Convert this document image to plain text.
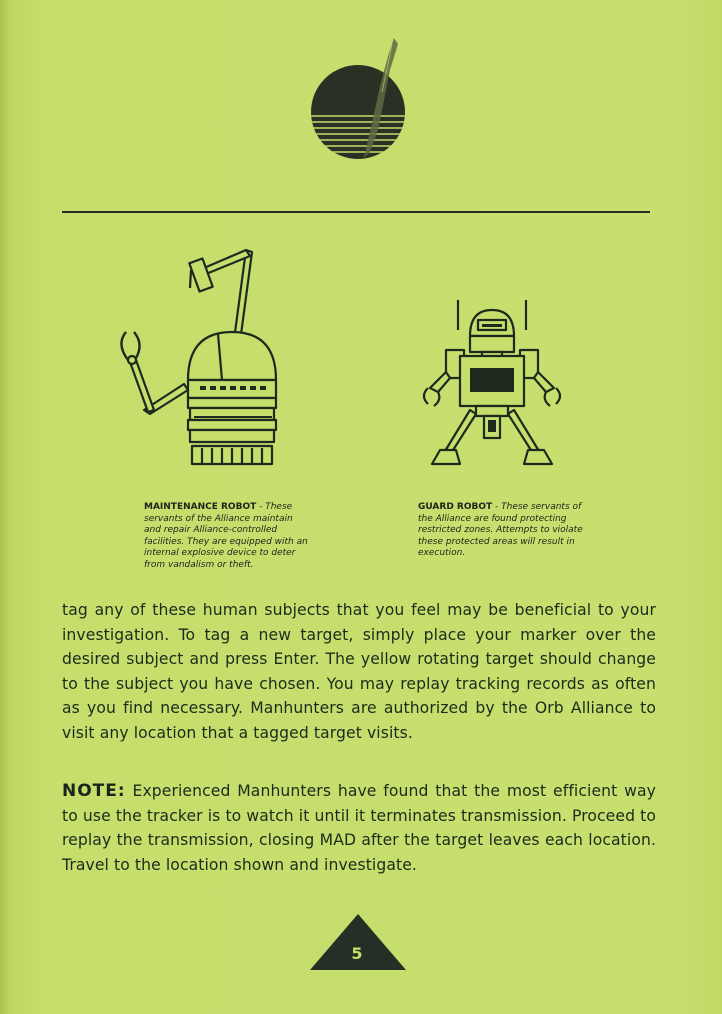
MAINTENANCE ROBOT - These servants of the Alliance maintain and repair Alliance-controlled facilities. They are equipped with an internal explosive device to deter from vandalism or theft.
GUARD ROBOT - These servants of the Alliance are found protecting restricted zones. Attempts to violate these protected areas will result in execution.
tag any of these human subjects that you feel may be beneficial to your investigation. To tag a new target, simply place your marker over the desired subject and press Enter. The yellow rotating target should change to the subject you have chosen. You may replay tracking records as often as you find necessary. Manhunters are authorized by the Orb Alliance to visit any location that a tagged target visits.
NOTE: Experienced Manhunters have found that the most efficient way to use the tracker is to watch it until it terminates transmission. Proceed to replay the transmission, closing MAD after the target leaves each location. Travel to the location shown and investigate.
5
